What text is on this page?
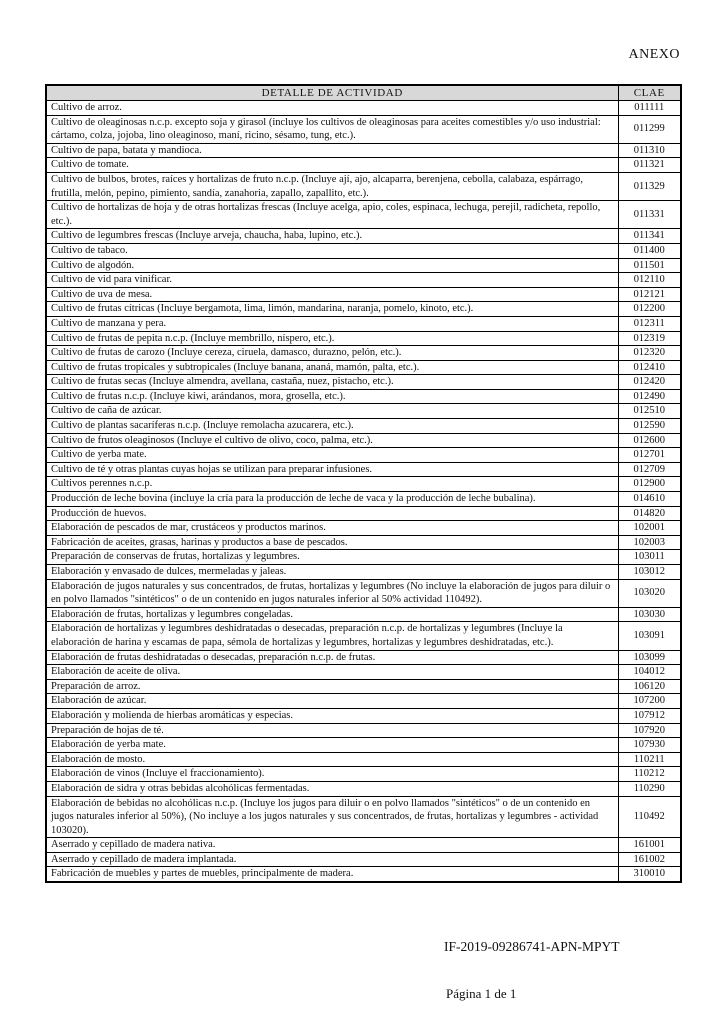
ANEXO
DETALLE DE ACTIVIDAD	CLAE
Cultivo de arroz.	011111
Cultivo de oleaginosas n.c.p. excepto soja y girasol (incluye los cultivos de oleaginosas para aceites comestibles y/o uso industrial: cártamo, colza, jojoba, lino oleaginoso, maní, ricino, sésamo, tung, etc.).	011299
Cultivo de papa, batata y mandioca.	011310
Cultivo de tomate.	011321
Cultivo de bulbos, brotes, raíces y hortalizas de fruto n.c.p. (Incluye ají, ajo, alcaparra, berenjena, cebolla, calabaza, espárrago, frutilla, melón, pepino, pimiento, sandía, zanahoria, zapallo, zapallito, etc.).	011329
Cultivo de hortalizas de hoja y de otras hortalizas frescas (Incluye acelga, apio, coles, espinaca, lechuga, perejil, radicheta, repollo, etc.).	011331
Cultivo de legumbres frescas (Incluye arveja, chaucha, haba, lupino, etc.).	011341
Cultivo de tabaco.	011400
Cultivo de algodón.	011501
Cultivo de vid para vinificar.	012110
Cultivo de uva de mesa.	012121
Cultivo de frutas cítricas (Incluye bergamota, lima, limón, mandarina, naranja, pomelo, kinoto, etc.).	012200
Cultivo de manzana y pera.	012311
Cultivo de frutas de pepita n.c.p. (Incluye membrillo, níspero, etc.).	012319
Cultivo de frutas de carozo (Incluye cereza, ciruela, damasco, durazno, pelón, etc.).	012320
Cultivo de frutas tropicales y subtropicales (Incluye banana, ananá, mamón, palta, etc.).	012410
Cultivo de frutas secas (Incluye almendra, avellana, castaña, nuez, pistacho, etc.).	012420
Cultivo de frutas n.c.p. (Incluye kiwi, arándanos, mora, grosella, etc.).	012490
Cultivo de caña de azúcar.	012510
Cultivo de plantas sacaríferas n.c.p. (Incluye remolacha azucarera, etc.).	012590
Cultivo de frutos oleaginosos (Incluye el cultivo de olivo, coco, palma, etc.).	012600
Cultivo de yerba mate.	012701
Cultivo de té y otras plantas cuyas hojas se utilizan para preparar infusiones.	012709
Cultivos perennes n.c.p.	012900
Producción de leche bovina (incluye la cría para la producción de leche de vaca y la producción de leche bubalina).	014610
Producción de huevos.	014820
Elaboración de pescados de mar, crustáceos y productos marinos.	102001
Fabricación de aceites, grasas, harinas y productos a base de pescados.	102003
Preparación de conservas de frutas, hortalizas y legumbres.	103011
Elaboración y envasado de dulces, mermeladas y jaleas.	103012
Elaboración de jugos naturales y sus concentrados, de frutas, hortalizas y legumbres (No incluye la elaboración de jugos para diluir o en polvo llamados "sintéticos" o de un contenido en jugos naturales inferior al 50% actividad 110492).	103020
Elaboración de frutas, hortalizas y legumbres congeladas.	103030
Elaboración de hortalizas y legumbres deshidratadas o desecadas, preparación n.c.p. de hortalizas y legumbres (Incluye la elaboración de harina y escamas de papa, sémola de hortalizas y legumbres, hortalizas y legumbres deshidratadas, etc.).	103091
Elaboración de frutas deshidratadas o desecadas, preparación n.c.p. de frutas.	103099
Elaboración de aceite de oliva.	104012
Preparación de arroz.	106120
Elaboración de azúcar.	107200
Elaboración y molienda de hierbas aromáticas y especias.	107912
Preparación de hojas de té.	107920
Elaboración de yerba mate.	107930
Elaboración de mosto.	110211
Elaboración de vinos (Incluye el fraccionamiento).	110212
Elaboración de sidra y otras bebidas alcohólicas fermentadas.	110290
Elaboración de bebidas no alcohólicas n.c.p. (Incluye los jugos para diluir o en polvo llamados "sintéticos" o de un contenido en jugos naturales inferior al 50%), (No incluye a los jugos naturales y sus concentrados, de frutas, hortalizas y legumbres - actividad 103020).	110492
Aserrado y cepillado de madera nativa.	161001
Aserrado y cepillado de madera implantada.	161002
Fabricación de muebles y partes de muebles, principalmente de madera.	310010
IF-2019-09286741-APN-MPYT
Página 1 de 1
